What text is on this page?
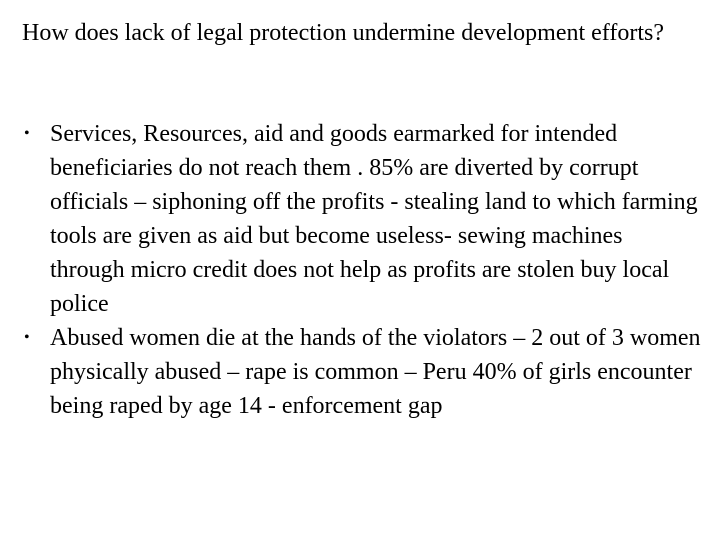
How does lack of legal protection undermine development efforts?
• Services, Resources, aid and goods earmarked for intended beneficiaries do not reach them . 85% are diverted by corrupt officials – siphoning off the profits - stealing land to which farming tools are given as aid but become useless- sewing machines through micro credit does not help as profits are stolen buy local police
• Abused women die at the hands of the violators – 2 out of 3 women physically abused – rape is common – Peru 40% of girls encounter being raped by age 14 - enforcement gap
